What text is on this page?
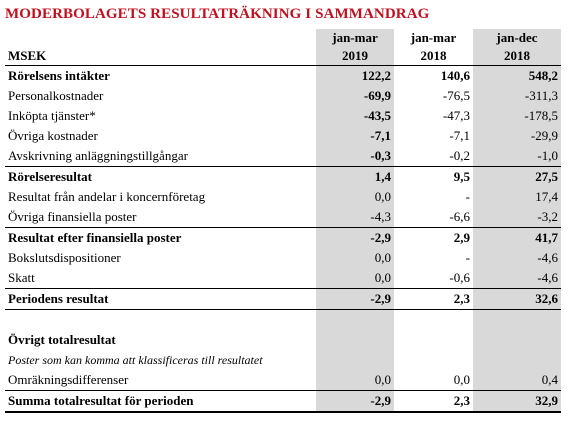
MODERBOLAGETS RESULTATRÄKNING I SAMMANDRAG
	jan-mar	jan-mar	jan-dec
MSEK	2019	2018	2018
Rörelsens intäkter	122,2	140,6	548,2
Personalkostnader	-69,9	-76,5	-311,3
Inköpta tjänster*	-43,5	-47,3	-178,5
Övriga kostnader	-7,1	-7,1	-29,9
Avskrivning anläggningstillgångar	-0,3	-0,2	-1,0
Rörelseresultat	1,4	9,5	27,5
Resultat från andelar i koncernföretag	0,0	-	17,4
Övriga finansiella poster	-4,3	-6,6	-3,2
Resultat efter finansiella poster	-2,9	2,9	41,7
Bokslutsdispositioner	0,0	-	-4,6
Skatt	0,0	-0,6	-4,6
Periodens resultat	-2,9	2,3	32,6

Övrigt totalresultat			
Poster som kan komma att klassificeras till resultatet			
Omräkningsdifferenser	0,0	0,0	0,4
Summa totalresultat för perioden	-2,9	2,3	32,9
